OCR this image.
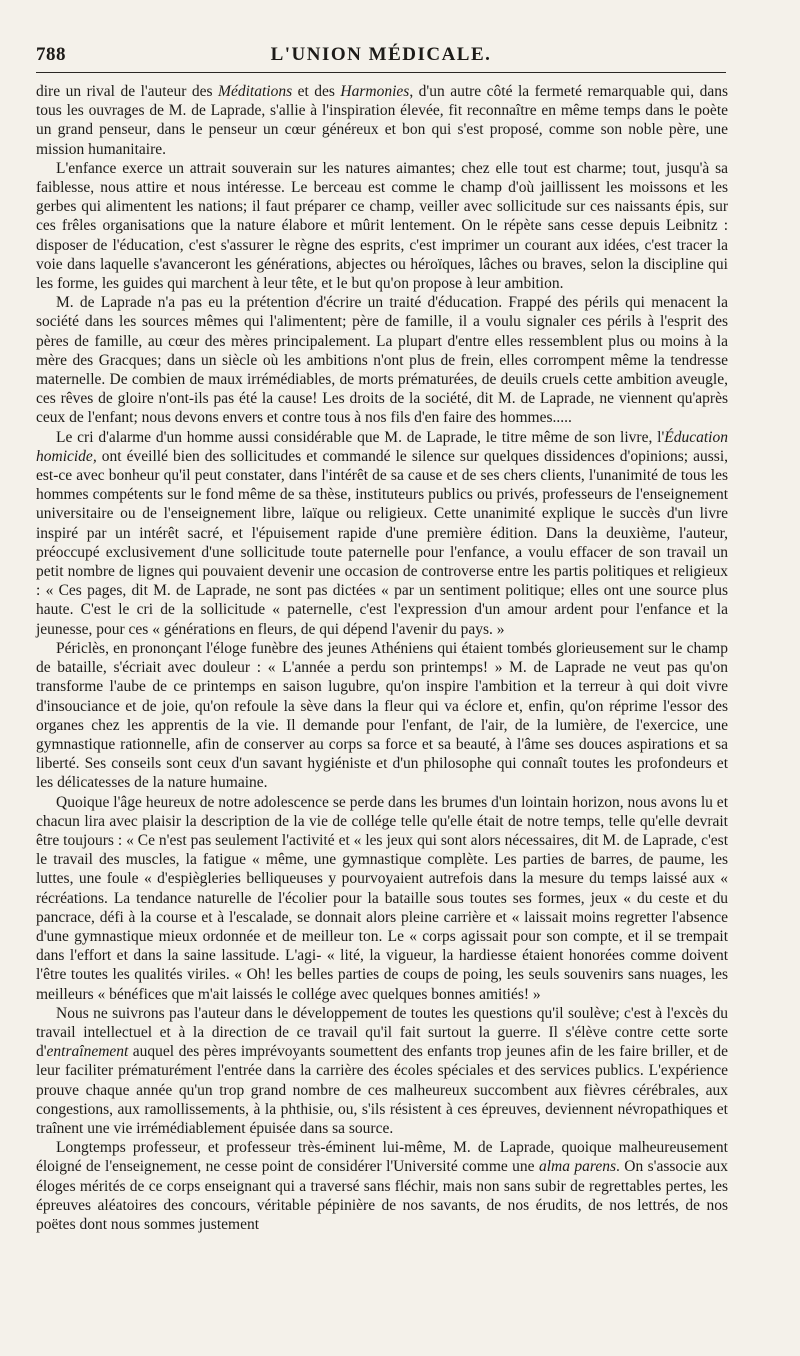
788	L'UNION MÉDICALE.

dire un rival de l'auteur des Méditations et des Harmonies, d'un autre côté la fermeté remarquable qui, dans tous les ouvrages de M. de Laprade, s'allie à l'inspiration élevée, fit reconnaître en même temps dans le poète un grand penseur, dans le penseur un cœur généreux et bon qui s'est proposé, comme son noble père, une mission humanitaire.

L'enfance exerce un attrait souverain sur les natures aimantes; chez elle tout est charme; tout, jusqu'à sa faiblesse, nous attire et nous intéresse. Le berceau est comme le champ d'où jaillissent les moissons et les gerbes qui alimentent les nations; il faut préparer ce champ, veiller avec sollicitude sur ces naissants épis, sur ces frêles organisations que la nature élabore et mûrit lentement. On le répète sans cesse depuis Leibnitz : disposer de l'éducation, c'est s'assurer le règne des esprits, c'est imprimer un courant aux idées, c'est tracer la voie dans laquelle s'avanceront les générations, abjectes ou héroïques, lâches ou braves, selon la discipline qui les forme, les guides qui marchent à leur tête, et le but qu'on propose à leur ambition.

M. de Laprade n'a pas eu la prétention d'écrire un traité d'éducation. Frappé des périls qui menacent la société dans les sources mêmes qui l'alimentent; père de famille, il a voulu signaler ces périls à l'esprit des pères de famille, au cœur des mères principalement. La plupart d'entre elles ressemblent plus ou moins à la mère des Gracques; dans un siècle où les ambitions n'ont plus de frein, elles corrompent même la tendresse maternelle. De combien de maux irrémédiables, de morts prématurées, de deuils cruels cette ambition aveugle, ces rêves de gloire n'ont-ils pas été la cause! Les droits de la société, dit M. de Laprade, ne viennent qu'après ceux de l'enfant; nous devons envers et contre tous à nos fils d'en faire des hommes.....

Le cri d'alarme d'un homme aussi considérable que M. de Laprade, le titre même de son livre, l'Éducation homicide, ont éveillé bien des sollicitudes et commandé le silence sur quelques dissidences d'opinions; aussi, est-ce avec bonheur qu'il peut constater, dans l'intérêt de sa cause et de ses chers clients, l'unanimité de tous les hommes compétents sur le fond même de sa thèse, instituteurs publics ou privés, professeurs de l'enseignement universitaire ou de l'enseignement libre, laïque ou religieux. Cette unanimité explique le succès d'un livre inspiré par un intérêt sacré, et l'épuisement rapide d'une première édition. Dans la deuxième, l'auteur, préoccupé exclusivement d'une sollicitude toute paternelle pour l'enfance, a voulu effacer de son travail un petit nombre de lignes qui pouvaient devenir une occasion de controverse entre les partis politiques et religieux : « Ces pages, dit M. de Laprade, ne sont pas dictées « par un sentiment politique; elles ont une source plus haute. C'est le cri de la sollicitude « paternelle, c'est l'expression d'un amour ardent pour l'enfance et la jeunesse, pour ces « générations en fleurs, de qui dépend l'avenir du pays. »

Périclès, en prononçant l'éloge funèbre des jeunes Athéniens qui étaient tombés glorieusement sur le champ de bataille, s'écriait avec douleur : « L'année a perdu son printemps! » M. de Laprade ne veut pas qu'on transforme l'aube de ce printemps en saison lugubre, qu'on inspire l'ambition et la terreur à qui doit vivre d'insouciance et de joie, qu'on refoule la sève dans la fleur qui va éclore et, enfin, qu'on réprime l'essor des organes chez les apprentis de la vie. Il demande pour l'enfant, de l'air, de la lumière, de l'exercice, une gymnastique rationnelle, afin de conserver au corps sa force et sa beauté, à l'âme ses douces aspirations et sa liberté. Ses conseils sont ceux d'un savant hygiéniste et d'un philosophe qui connaît toutes les profondeurs et les délicatesses de la nature humaine.

Quoique l'âge heureux de notre adolescence se perde dans les brumes d'un lointain horizon, nous avons lu et chacun lira avec plaisir la description de la vie de collége telle qu'elle était de notre temps, telle qu'elle devrait être toujours : « Ce n'est pas seulement l'activité et « les jeux qui sont alors nécessaires, dit M. de Laprade, c'est le travail des muscles, la fatigue « même, une gymnastique complète. Les parties de barres, de paume, les luttes, une foule « d'espiègleries belliqueuses y pourvoyaient autrefois dans la mesure du temps laissé aux « récréations. La tendance naturelle de l'écolier pour la bataille sous toutes ses formes, jeux « du ceste et du pancrace, défi à la course et à l'escalade, se donnait alors pleine carrière et « laissait moins regretter l'absence d'une gymnastique mieux ordonnée et de meilleur ton. Le « corps agissait pour son compte, et il se trempait dans l'effort et dans la saine lassitude. L'agi- « lité, la vigueur, la hardiesse étaient honorées comme doivent l'être toutes les qualités viriles. « Oh! les belles parties de coups de poing, les seuls souvenirs sans nuages, les meilleurs « bénéfices que m'ait laissés le collége avec quelques bonnes amitiés! »

Nous ne suivrons pas l'auteur dans le développement de toutes les questions qu'il soulève; c'est à l'excès du travail intellectuel et à la direction de ce travail qu'il fait surtout la guerre. Il s'élève contre cette sorte d'entraînement auquel des pères imprévoyants soumettent des enfants trop jeunes afin de les faire briller, et de leur faciliter prématurément l'entrée dans la carrière des écoles spéciales et des services publics. L'expérience prouve chaque année qu'un trop grand nombre de ces malheureux succombent aux fièvres cérébrales, aux congestions, aux ramollissements, à la phthisie, ou, s'ils résistent à ces épreuves, deviennent névropathiques et traînent une vie irrémédiablement épuisée dans sa source.

Longtemps professeur, et professeur très-éminent lui-même, M. de Laprade, quoique malheureusement éloigné de l'enseignement, ne cesse point de considérer l'Université comme une alma parens. On s'associe aux éloges mérités de ce corps enseignant qui a traversé sans fléchir, mais non sans subir de regrettables pertes, les épreuves aléatoires des concours, véritable pépinière de nos savants, de nos érudits, de nos lettrés, de nos poëtes dont nous sommes justement
